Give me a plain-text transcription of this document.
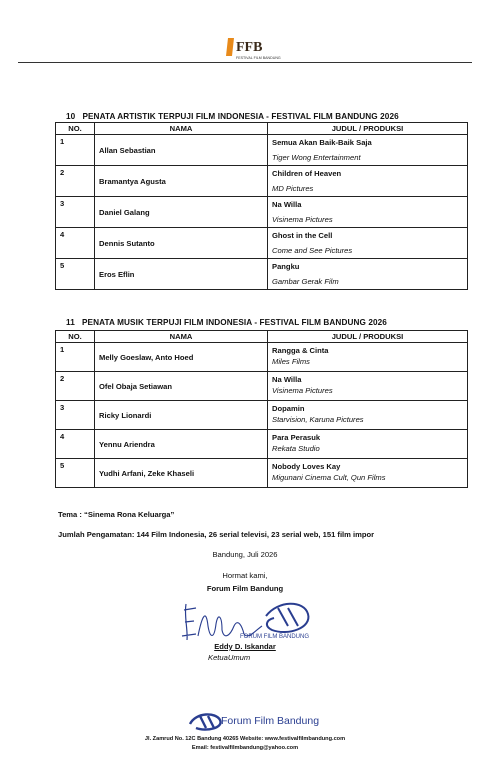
FFB
FESTIVAL FILM BANDUNG
10 PENATA ARTISTIK TERPUJI FILM INDONESIA - FESTIVAL FILM BANDUNG 2026
NO.	NAMA	JUDUL / PRODUKSI
1	Allan Sebastian	Semua Akan Baik-Baik Saja
Tiger Wong Entertainment

2	Bramantya Agusta	Children of Heaven
MD Pictures

3	Daniel Galang	Na Willa
Visinema Pictures

4	Dennis Sutanto	Ghost in the Cell
Come and See Pictures

5	Eros Eflin	Pangku
Gambar Gerak Film
11 PENATA MUSIK TERPUJI FILM INDONESIA - FESTIVAL FILM BANDUNG 2026
NO.	NAMA	JUDUL / PRODUKSI
1	Melly Goeslaw, Anto Hoed	Rangga & Cinta
Miles Films

2	Ofel Obaja Setiawan	Na Willa
Visinema Pictures

3	Ricky Lionardi	Dopamin
Starvision, Karuna Pictures

4	Yennu Ariendra	Para Perasuk
Rekata Studio

5	Yudhi Arfani, Zeke Khaseli	Nobody Loves Kay
Migunani Cinema Cult, Qun Films
Tema : “Sinema Rona Keluarga”
Jumlah Pengamatan: 144 Film Indonesia, 26 serial televisi, 23 serial web, 151 film impor
Bandung, Juli 2026
Hormat kami,
Forum Film Bandung
FORUM FILM BANDUNG
Eddy D. Iskandar
KetuaUmum
Forum Film Bandung
Jl. Zamrud No. 12C Bandung 40265 Website: www.festivalfilmbandung.com
Email: festivalfilmbandung@yahoo.com
